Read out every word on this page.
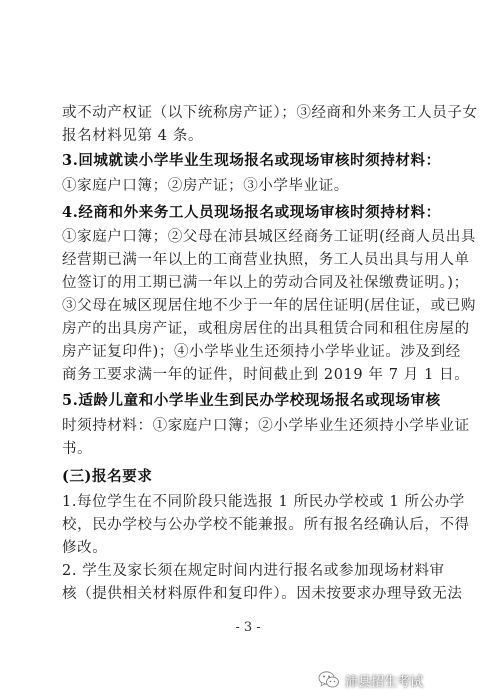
或不动产权证（以下统称房产证）；③经商和外来务工人员子女
报名材料见第 4 条。
3.回城就读小学毕业生现场报名或现场审核时须持材料：
①家庭户口簿；②房产证；③小学毕业证。
4.经商和外来务工人员现场报名或现场审核时须持材料：
①家庭户口簿；②父母在沛县城区经商务工证明(经商人员出具
经营期已满一年以上的工商营业执照，务工人员出具与用人单
位签订的用工期已满一年以上的劳动合同及社保缴费证明。)；
③父母在城区现居住地不少于一年的居住证明(居住证，或已购
房产的出具房产证，或租房居住的出具租赁合同和租住房屋的
房产证复印件)；④小学毕业生还须持小学毕业证。涉及到经
商务工要求满一年的证件，时间截止到 2019 年 7 月 1 日。
5.适龄儿童和小学毕业生到民办学校现场报名或现场审核
时须持材料：①家庭户口簿；②小学毕业生还须持小学毕业证
书。
(三)报名要求
1.每位学生在不同阶段只能选报 1 所民办学校或 1 所公办学
校，民办学校与公办学校不能兼报。所有报名经确认后，不得
修改。
2. 学生及家长须在规定时间内进行报名或参加现场材料审
核（提供相关材料原件和复印件）。因未按要求办理导致无法
- 3 -
沛县招生考试
